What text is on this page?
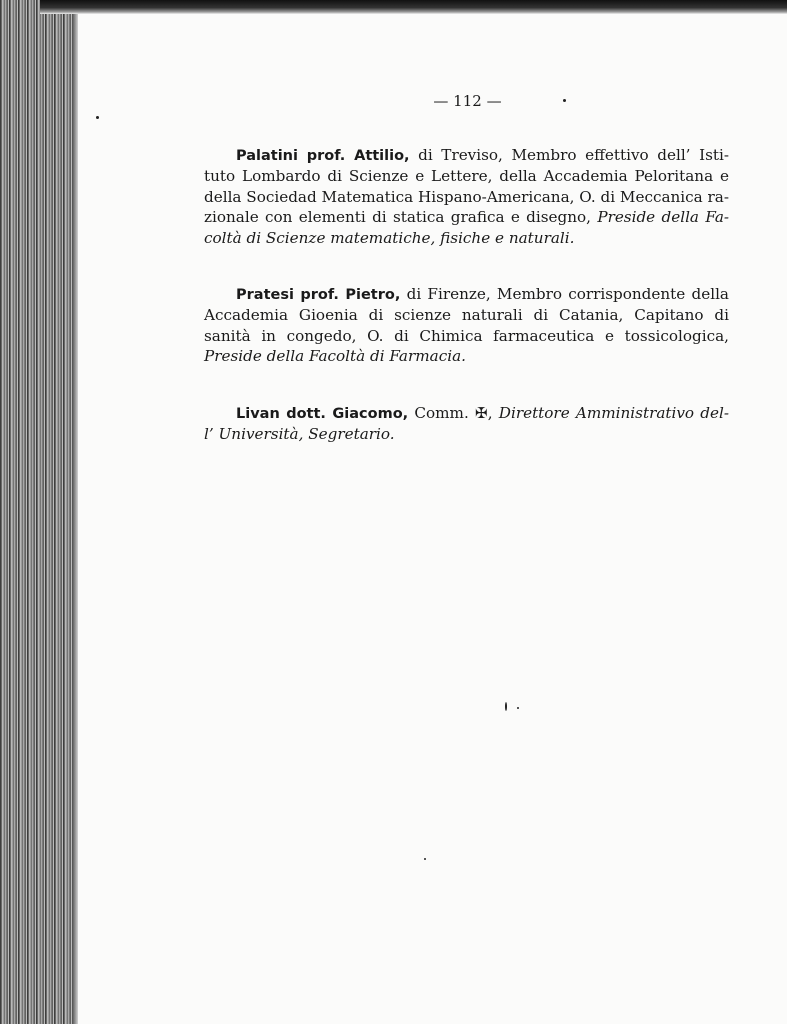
— 112 —

Palatini prof. Attilio, di Treviso, Membro effettivo dell’ Isti- tuto Lombardo di Scienze e Lettere, della Accademia Peloritana e della Sociedad Matematica Hispano-Americana, O. di Meccanica ra- zionale con elementi di statica grafica e disegno, Preside della Fa- coltà di Scienze matematiche, fisiche e naturali.

Pratesi prof. Pietro, di Firenze, Membro corrispondente della Accademia Gioenia di scienze naturali di Catania, Capitano di sanità in congedo, O. di Chimica farmaceutica e tossicologica, Preside della Facoltà di Farmacia.

Livan dott. Giacomo, Comm. ✠, Direttore Amministrativo del- l’ Università, Segretario.
